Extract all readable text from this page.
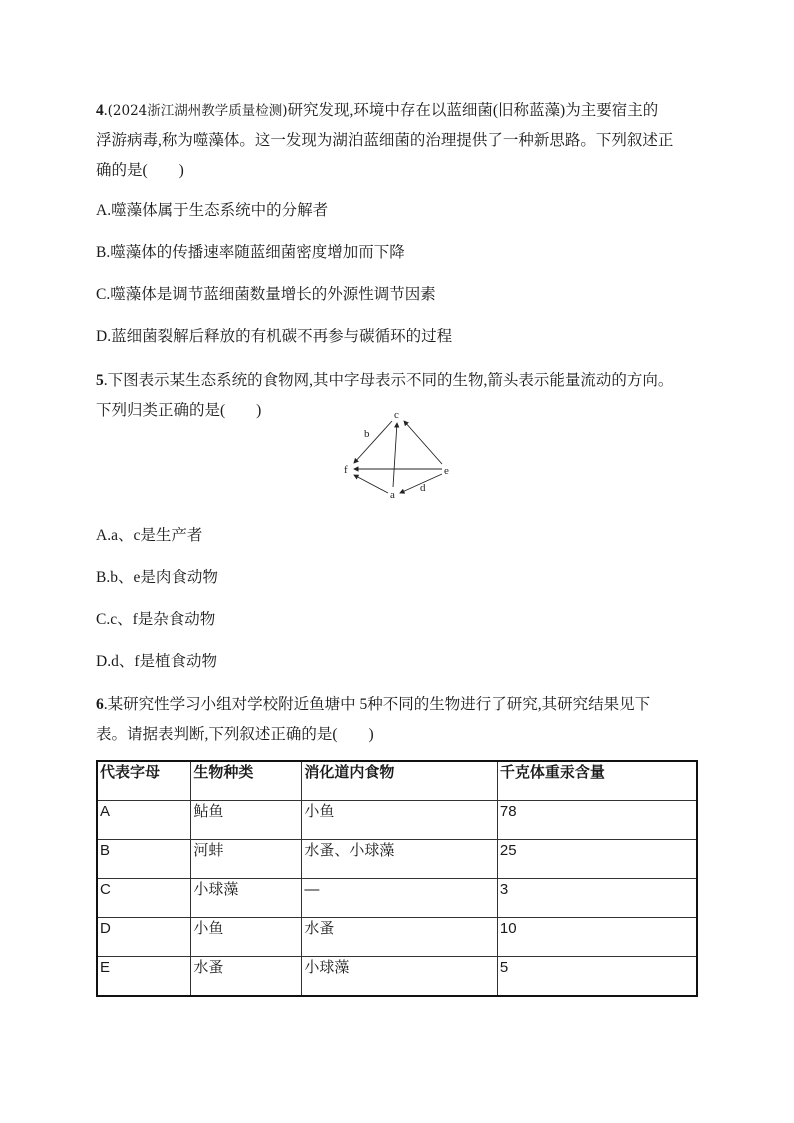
4.(2024浙江湖州教学质量检测)研究发现,环境中存在以蓝细菌(旧称蓝藻)为主要宿主的
浮游病毒,称为噬藻体。这一发现为湖泊蓝细菌的治理提供了一种新思路。下列叙述正
确的是(　　)
A.噬藻体属于生态系统中的分解者
B.噬藻体的传播速率随蓝细菌密度增加而下降
C.噬藻体是调节蓝细菌数量增长的外源性调节因素
D.蓝细菌裂解后释放的有机碳不再参与碳循环的过程
5.下图表示某生态系统的食物网,其中字母表示不同的生物,箭头表示能量流动的方向。
下列归类正确的是(　　)	c
f	e
a
b
d
A.a、c是生产者
B.b、e是肉食动物
C.c、f是杂食动物
D.d、f是植食动物
6.某研究性学习小组对学校附近鱼塘中 5种不同的生物进行了研究,其研究结果见下
表。请据表判断,下列叙述正确的是(　　)
代表字母	生物种类	消化道内食物	千克体重汞含量
A	鲇鱼	小鱼	78
B	河蚌	水蚤、小球藻	25
C	小球藻	—	3
D	小鱼	水蚤	10
E	水蚤	小球藻	5
